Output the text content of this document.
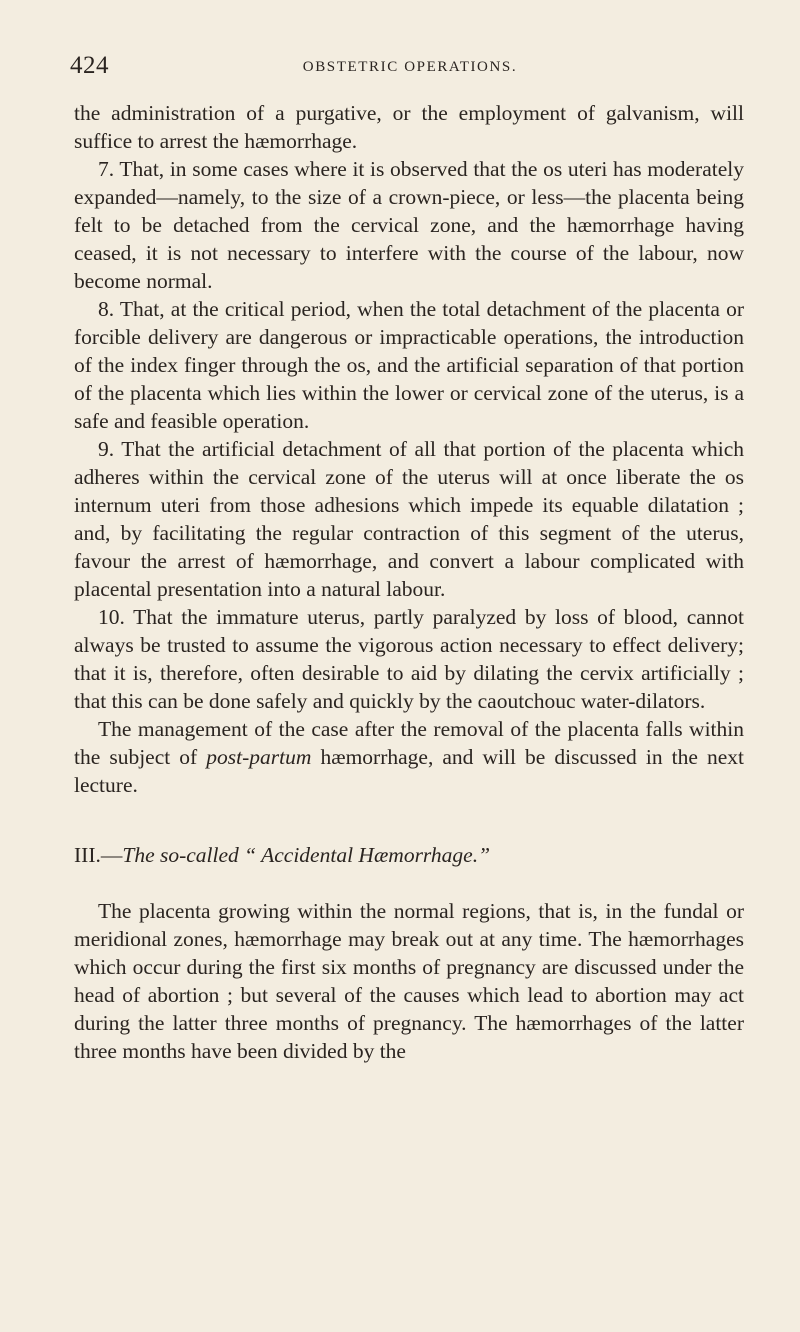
424	OBSTETRIC OPERATIONS.

the administration of a purgative, or the employment of galvanism, will suffice to arrest the hæmorrhage.

7. That, in some cases where it is observed that the os uteri has moderately expanded—namely, to the size of a crown-piece, or less—the placenta being felt to be detached from the cervical zone, and the hæmorrhage having ceased, it is not necessary to interfere with the course of the labour, now become normal.

8. That, at the critical period, when the total detachment of the placenta or forcible delivery are dangerous or impracticable operations, the introduction of the index finger through the os, and the artificial separation of that portion of the placenta which lies within the lower or cervical zone of the uterus, is a safe and feasible operation.

9. That the artificial detachment of all that portion of the placenta which adheres within the cervical zone of the uterus will at once liberate the os internum uteri from those adhesions which impede its equable dilatation ; and, by facilitating the regular contraction of this segment of the uterus, favour the arrest of hæmorrhage, and convert a labour complicated with placental presentation into a natural labour.

10. That the immature uterus, partly paralyzed by loss of blood, cannot always be trusted to assume the vigorous action necessary to effect delivery; that it is, therefore, often desirable to aid by dilating the cervix artificially ; that this can be done safely and quickly by the caoutchouc water-dilators.

The management of the case after the removal of the placenta falls within the subject of post-partum hæmorrhage, and will be discussed in the next lecture.

III.—The so-called “ Accidental Hæmorrhage.”

The placenta growing within the normal regions, that is, in the fundal or meridional zones, hæmorrhage may break out at any time. The hæmorrhages which occur during the first six months of pregnancy are discussed under the head of abortion ; but several of the causes which lead to abortion may act during the latter three months of pregnancy. The hæmorrhages of the latter three months have been divided by the
